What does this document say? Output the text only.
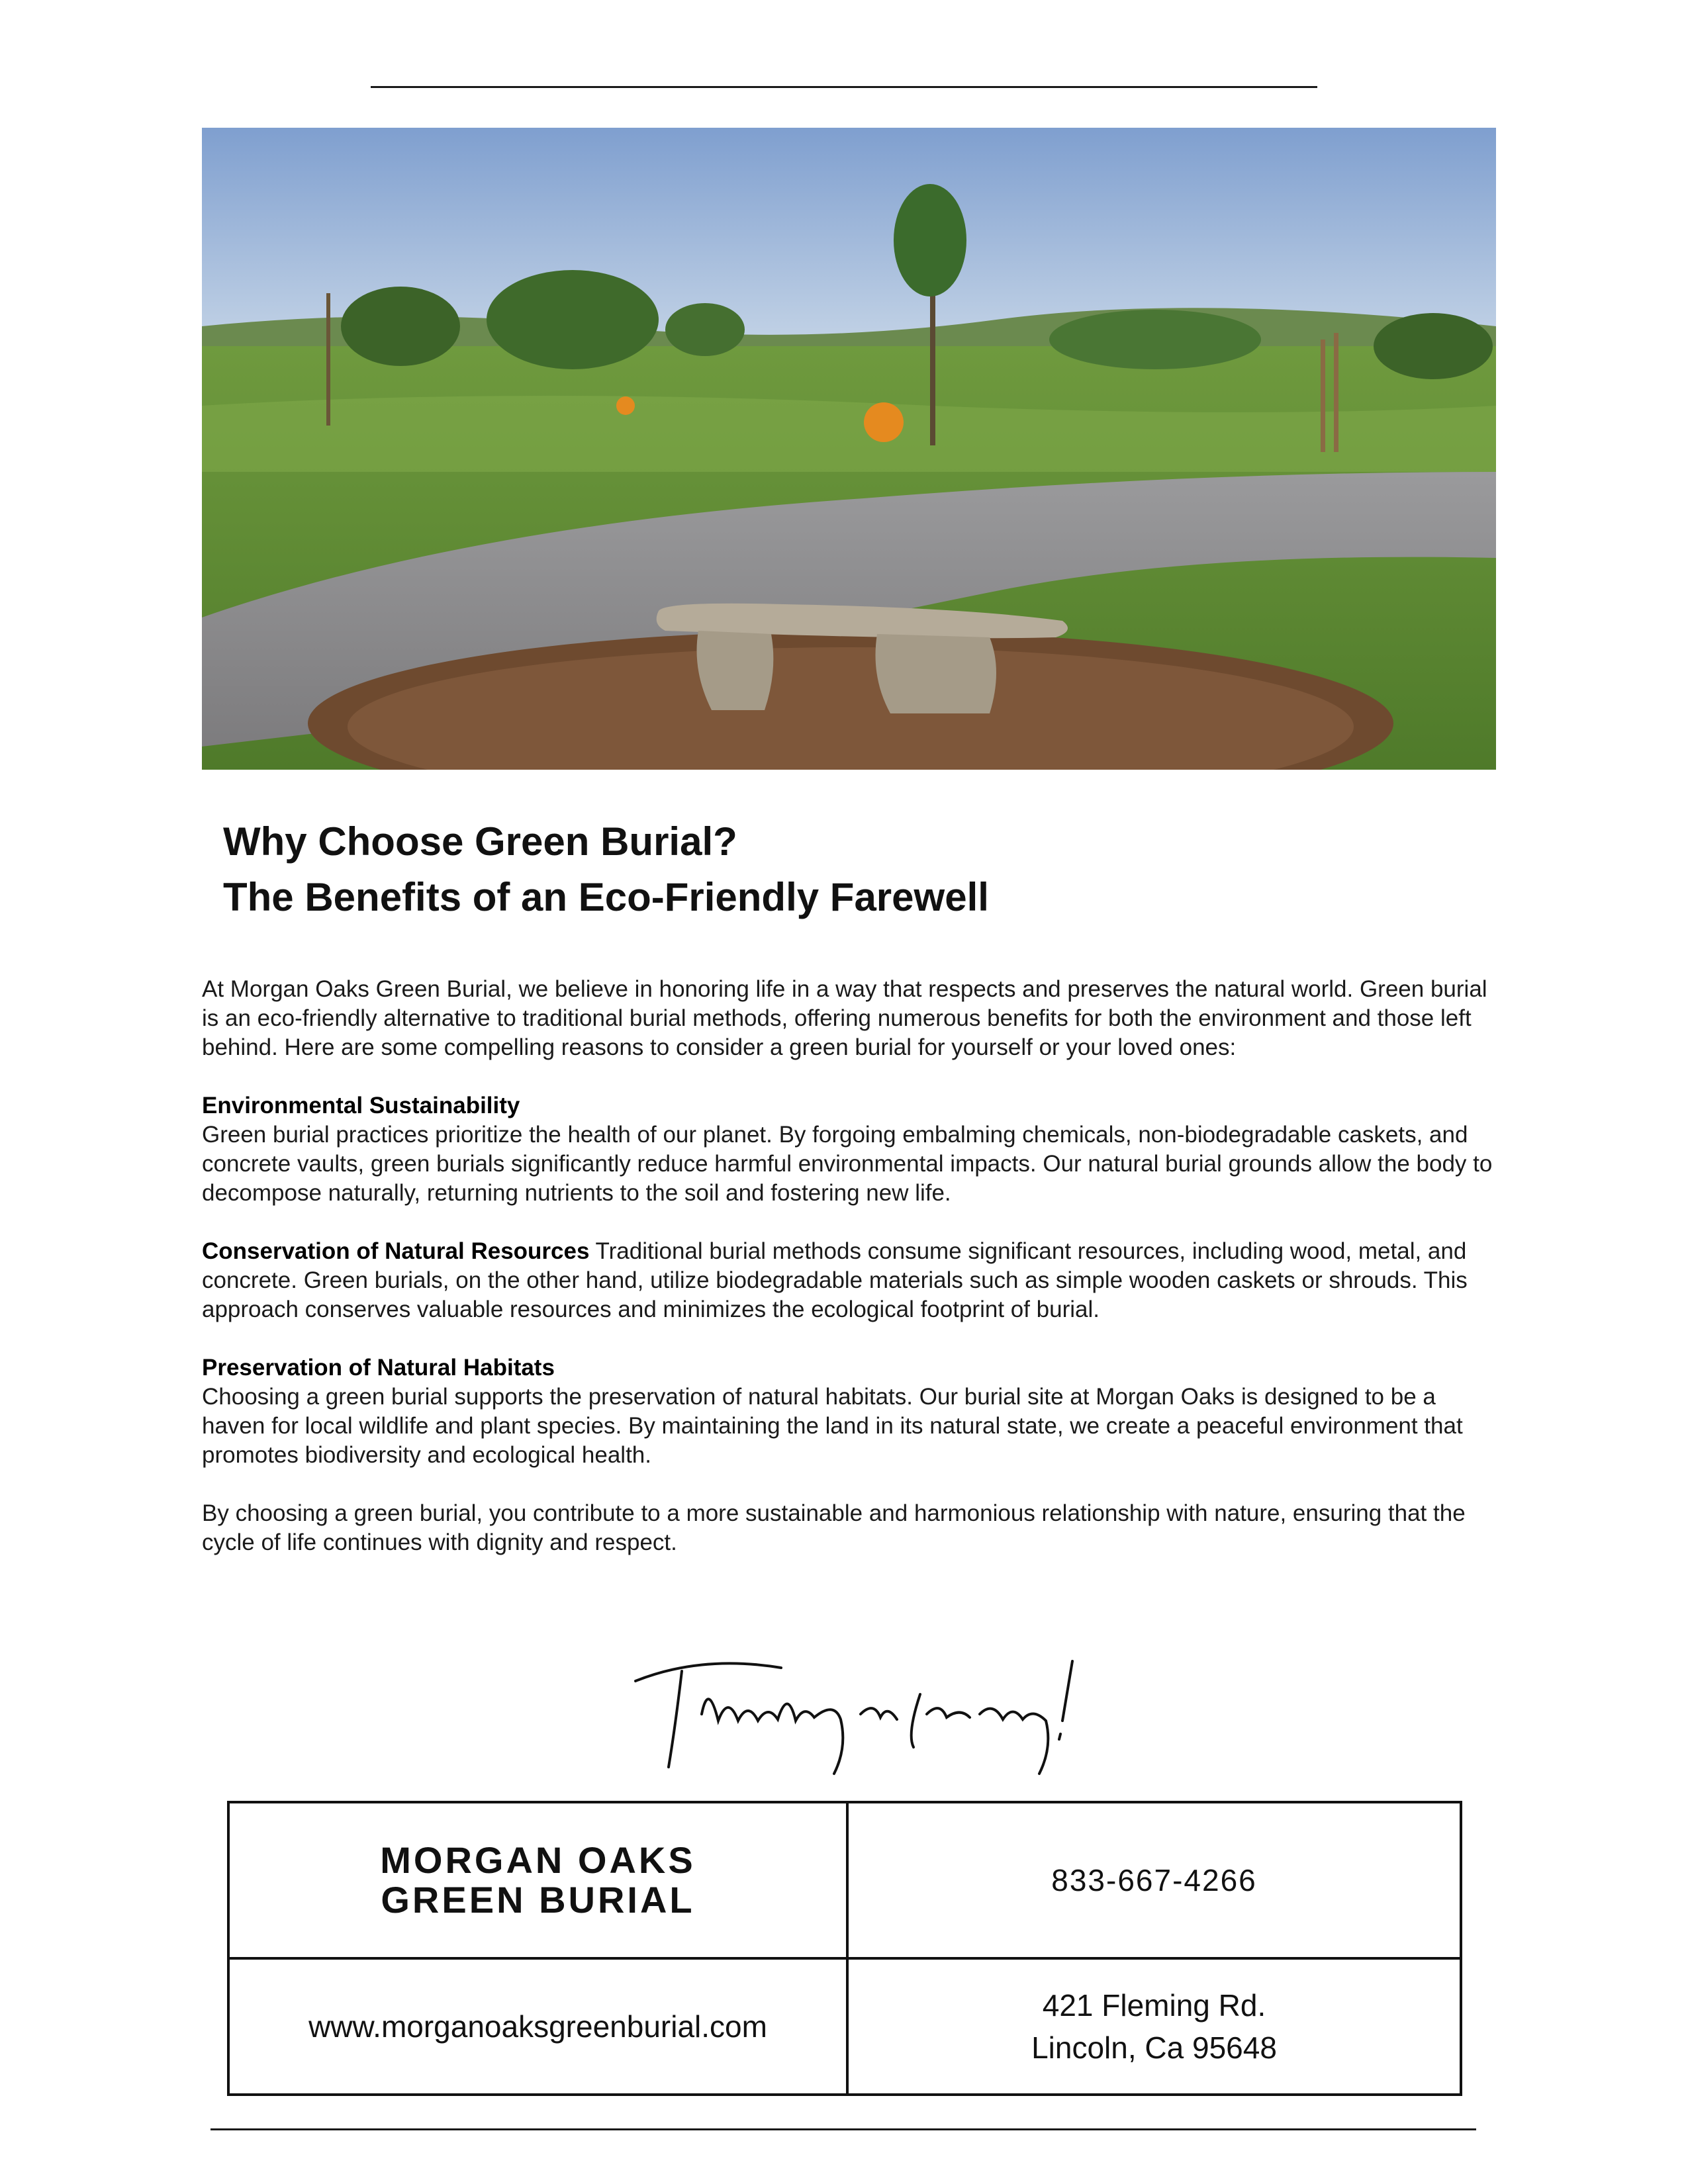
Why Choose Green Burial?
The Benefits of an Eco-Friendly Farewell

At Morgan Oaks Green Burial, we believe in honoring life in a way that respects and preserves the natural world. Green burial is an eco-friendly alternative to traditional burial methods, offering numerous benefits for both the environment and those left behind. Here are some compelling reasons to consider a green burial for yourself or your loved ones:

Environmental Sustainability
Green burial practices prioritize the health of our planet. By forgoing embalming chemicals, non-biodegradable caskets, and concrete vaults, green burials significantly reduce harmful environmental impacts. Our natural burial grounds allow the body to decompose naturally, returning nutrients to the soil and fostering new life.

Conservation of Natural Resources Traditional burial methods consume significant resources, including wood, metal, and concrete. Green burials, on the other hand, utilize biodegradable materials such as simple wooden caskets or shrouds. This approach conserves valuable resources and minimizes the ecological footprint of burial.

Preservation of Natural Habitats
Choosing a green burial supports the preservation of natural habitats. Our burial site at Morgan Oaks is designed to be a haven for local wildlife and plant species. By maintaining the land in its natural state, we create a peaceful environment that promotes biodiversity and ecological health.

By choosing a green burial, you contribute to a more sustainable and harmonious relationship with nature, ensuring that the cycle of life continues with dignity and respect.

MORGAN OAKS
GREEN BURIAL	833-667-4266
www.morganoaksgreenburial.com
421 Fleming Rd.
Lincoln, Ca 95648
